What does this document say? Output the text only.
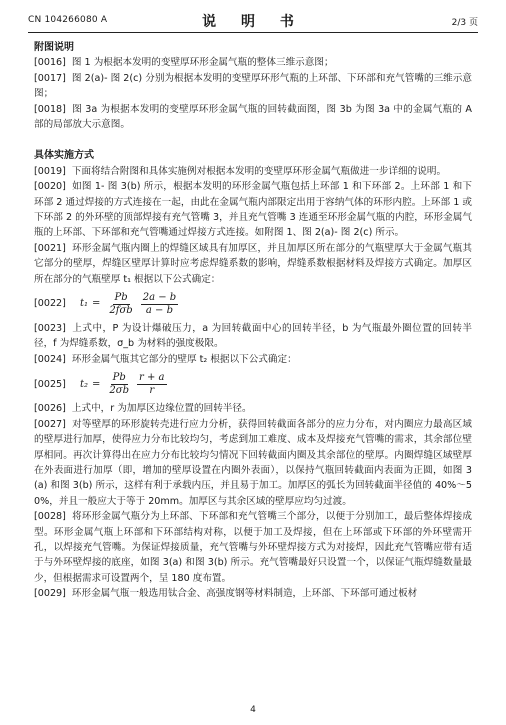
CN 104266080 A	说 明 书	2/3 页
附图说明

[0016] 图 1 为根据本发明的变壁厚环形金属气瓶的整体三维示意图；

[0017] 图 2(a)- 图 2(c) 分别为根据本发明的变壁厚环形气瓶的上环部、下环部和充气管嘴的三维示意图；

[0018] 图 3a 为根据本发明的变壁厚环形金属气瓶的回转截面图，图 3b 为图 3a 中的金属气瓶的 A 部的局部放大示意图。

具体实施方式

[0019] 下面将结合附图和具体实施例对根据本发明的变壁厚环形金属气瓶做进一步详细的说明。

[0020] 如图 1- 图 3(b) 所示，根据本发明的环形金属气瓶包括上环部 1 和下环部 2。上环部 1 和下环部 2 通过焊接的方式连接在一起，由此在金属气瓶内部限定出用于容纳气体的环形内腔。上环部 1 或下环部 2 的外环壁的顶部焊接有充气管嘴 3，并且充气管嘴 3 连通至环形金属气瓶的内腔，环形金属气瓶的上环部、下环部和充气管嘴通过焊接方式连接。如附图 1、图 2(a)- 图 2(c) 所示。

[0021] 环形金属气瓶内圈上的焊缝区域具有加厚区，并且加厚区所在部分的气瓶壁厚大于金属气瓶其它部分的壁厚，焊缝区壁厚计算时应考虑焊缝系数的影响，焊缝系数根据材料及焊接方式确定。加厚区所在部分的气瓶壁厚 t₁ 根据以下公式确定：

[0022]	$t_1 = \frac{Pb}{\text{2fσb}} \frac{2a - b}{a - b}$

[0023] 上式中，P 为设计爆破压力，a 为回转截面中心的回转半径，b 为气瓶最外圈位置的回转半径，f 为焊缝系数，σ_b 为材料的强度极限。

[0024] 环形金属气瓶其它部分的壁厚 t₂ 根据以下公式确定：

[0025]	$t_2 = \frac{Pb}{2\sigma b} \frac{r + a}{r}$

[0026] 上式中，r 为加厚区边缘位置的回转半径。

[0027] 对等壁厚的环形旋转壳进行应力分析，获得回转截面各部分的应力分布，对内圈应力最高区域的壁厚进行加厚，使得应力分布比较均匀，考虑到加工难度、成本及焊接充气管嘴的需求，其余部位壁厚相同。再次计算得出在应力分布比较均匀情况下回转截面内圈及其余部位的壁厚。内圈焊缝区域壁厚在外表面进行加厚（即，增加的壁厚设置在内圈外表面），以保持气瓶回转截面内表面为正圆，如图 3(a) 和图 3(b) 所示，这样有利于承载内压，并且易于加工。加厚区的弧长为回转截面半径值的 40%～50%，并且一般应大于等于 20mm。加厚区与其余区域的壁厚应均匀过渡。

[0028] 将环形金属气瓶分为上环部、下环部和充气管嘴三个部分，以便于分别加工，最后整体焊接成型。环形金属气瓶上环部和下环部结构对称，以便于加工及焊接，但在上环部或下环部的外环壁需开孔，以焊接充气管嘴。为保证焊接质量，充气管嘴与外环壁焊接方式为对接焊，因此充气管嘴应带有适于与外环壁焊接的底座，如图 3(a) 和图 3(b) 所示。充气管嘴最好只设置一个，以保证气瓶焊缝数量最少，但根据需求可设置两个，呈 180 度布置。

[0029] 环形金属气瓶一般选用钛合金、高强度钢等材料制造，上环部、下环部可通过板材

4
